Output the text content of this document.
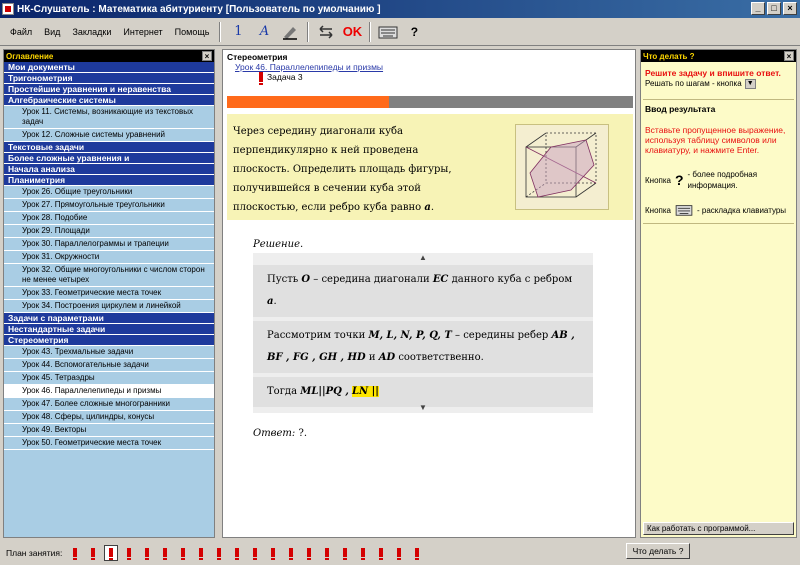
НК-Слушатель : Математика абитуриенту [Пользователь по умолчанию ]	_	□	×
Файл	Вид	Закладки	Интернет	Помощь	1	A	OK	?
Оглавление	×
Мои документы
Тригонометрия
Простейшие уравнения и неравенства
Алгебраические системы
Урок 11. Системы, возникающие из текстовых задач
Урок 12. Сложные системы уравнений
Текстовые задачи
Более сложные уравнения и
Начала анализа
Планиметрия
Урок 26. Общие треугольники
Урок 27. Прямоугольные треугольники
Урок 28. Подобие
Урок 29. Площади
Урок 30. Параллелограммы и трапеции
Урок 31. Окружности
Урок 32. Общие многоугольники с числом сторон не менее четырех
Урок 33. Геометрические места точек
Урок 34. Построения циркулем и линейкой
Задачи с параметрами
Нестандартные задачи
Стереометрия
Урок 43. Трехмальные задачи
Урок 44. Вспомогательные задачи
Урок 45. Тетраэдры
Урок 46. Параллелепипеды и призмы
Урок 47. Более сложные многогранники
Урок 48. Сферы, цилиндры, конусы
Урок 49. Векторы
Урок 50. Геометрические места точек
Стереометрия
Урок 46. Параллелепипеды и призмы
Задача 3
Через середину диагонали куба перпендикулярно к ней проведена плоскость. Определить площадь фигуры, получившейся в сечении куба этой плоскостью, если ребро куба равно a.
Решение.
▲
Пусть O – середина диагонали EC данного куба с ребром a.
Рассмотрим точки M, L, N, P, Q, T – середины ребер AB , BF , FG , GH , HD и AD соответственно.
Тогда ML||PQ , LN ||
▼
Ответ: ?.
Что делать ?	×
Решите задачу и впишите ответ.
Решать по шагам - кнопка ▼
Ввод результата
Вставьте пропущенное выражение, используя таблицу символов или клавиатуру, и нажмите Enter.
Кнопка ? - более подробная информация.
Кнопка	- раскладка клавиатуры
Как работать с программой...
План занятия:	Что делать ?
